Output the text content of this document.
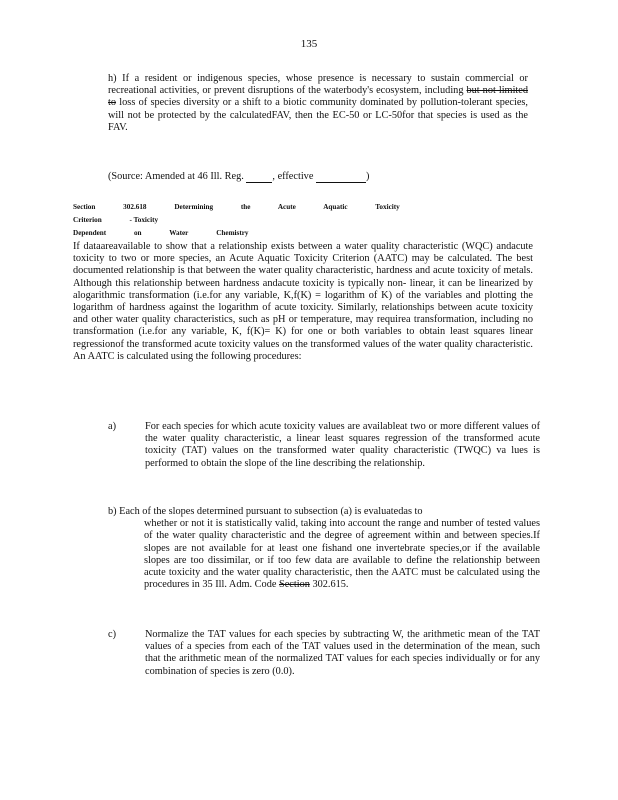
135
h) If a resident or indigenous species, whose presence is necessary to sustain commercial or recreational activities, or prevent disruptions of the waterbody's ecosystem, including but not limited to loss of species diversity or a shift to a biotic community dominated by pollution-tolerant species, will not be protected by the calculatedFAV, then the EC-50 or LC-50for that species is used as the FAV.
(Source: Amended at 46 Ill. Reg.	, effective	)
Section	302.618	Determining	the	Acute	Aquatic	Toxicity Criterion	- Toxicity
Dependent	on	Water	Chemistry
If dataareavailable to show that a relationship exists between a water quality characteristic (WQC) andacute toxicity to two or more species, an Acute Aquatic Toxicity Criterion (AATC) may be calculated. The best documented relationship is that between the water quality characteristic, hardness and acute toxicity of metals. Although this relationship between hardness andacute toxicity is typically non- linear, it can be linearized by alogarithmic transformation (i.e.for any variable, K,f(K) = logarithm of K) of the variables and plotting the logarithm of hardness against the logarithm of acute toxicity. Similarly, relationships between acute toxicity and other water quality characteristics, such as pH or temperature, may requirea transformation, including no transformation (i.e.for any variable, K, f(K)= K) for one or both variables to obtain least squares linear regressionof the transformed acute toxicity values on the transformed values of the water quality characteristic. An AATC is calculated using the following procedures:
a)	For each species for which acute toxicity values are availableat two or more different values of the water quality characteristic, a linear least squares regression of the transformed acute toxicity (TAT) values on the transformed water quality characteristic (TWQC) va lues is performed to obtain the slope of the line describing the relationship.
b) Each of the slopes determined pursuant to subsection (a) is evaluatedas to
whether or not it is statistically valid, taking into account the range and number of tested values of the water quality characteristic and the degree of agreement within and between species.If slopes are not available for at least one fishand one invertebrate species,or if the available slopes are too dissimilar, or if too few data are available to define the relationship between acute toxicity and the water quality characteristic, then the AATC must be calculated using the procedures in 35 Ill. Adm. Code Section 302.615.
c)	Normalize the TAT values for each species by subtracting W, the arithmetic mean of the TAT values of a species from each of the TAT values used in the determination of the mean, such that the arithmetic mean of the normalized TAT values for each species individually or for any combination of species is zero (0.0).
